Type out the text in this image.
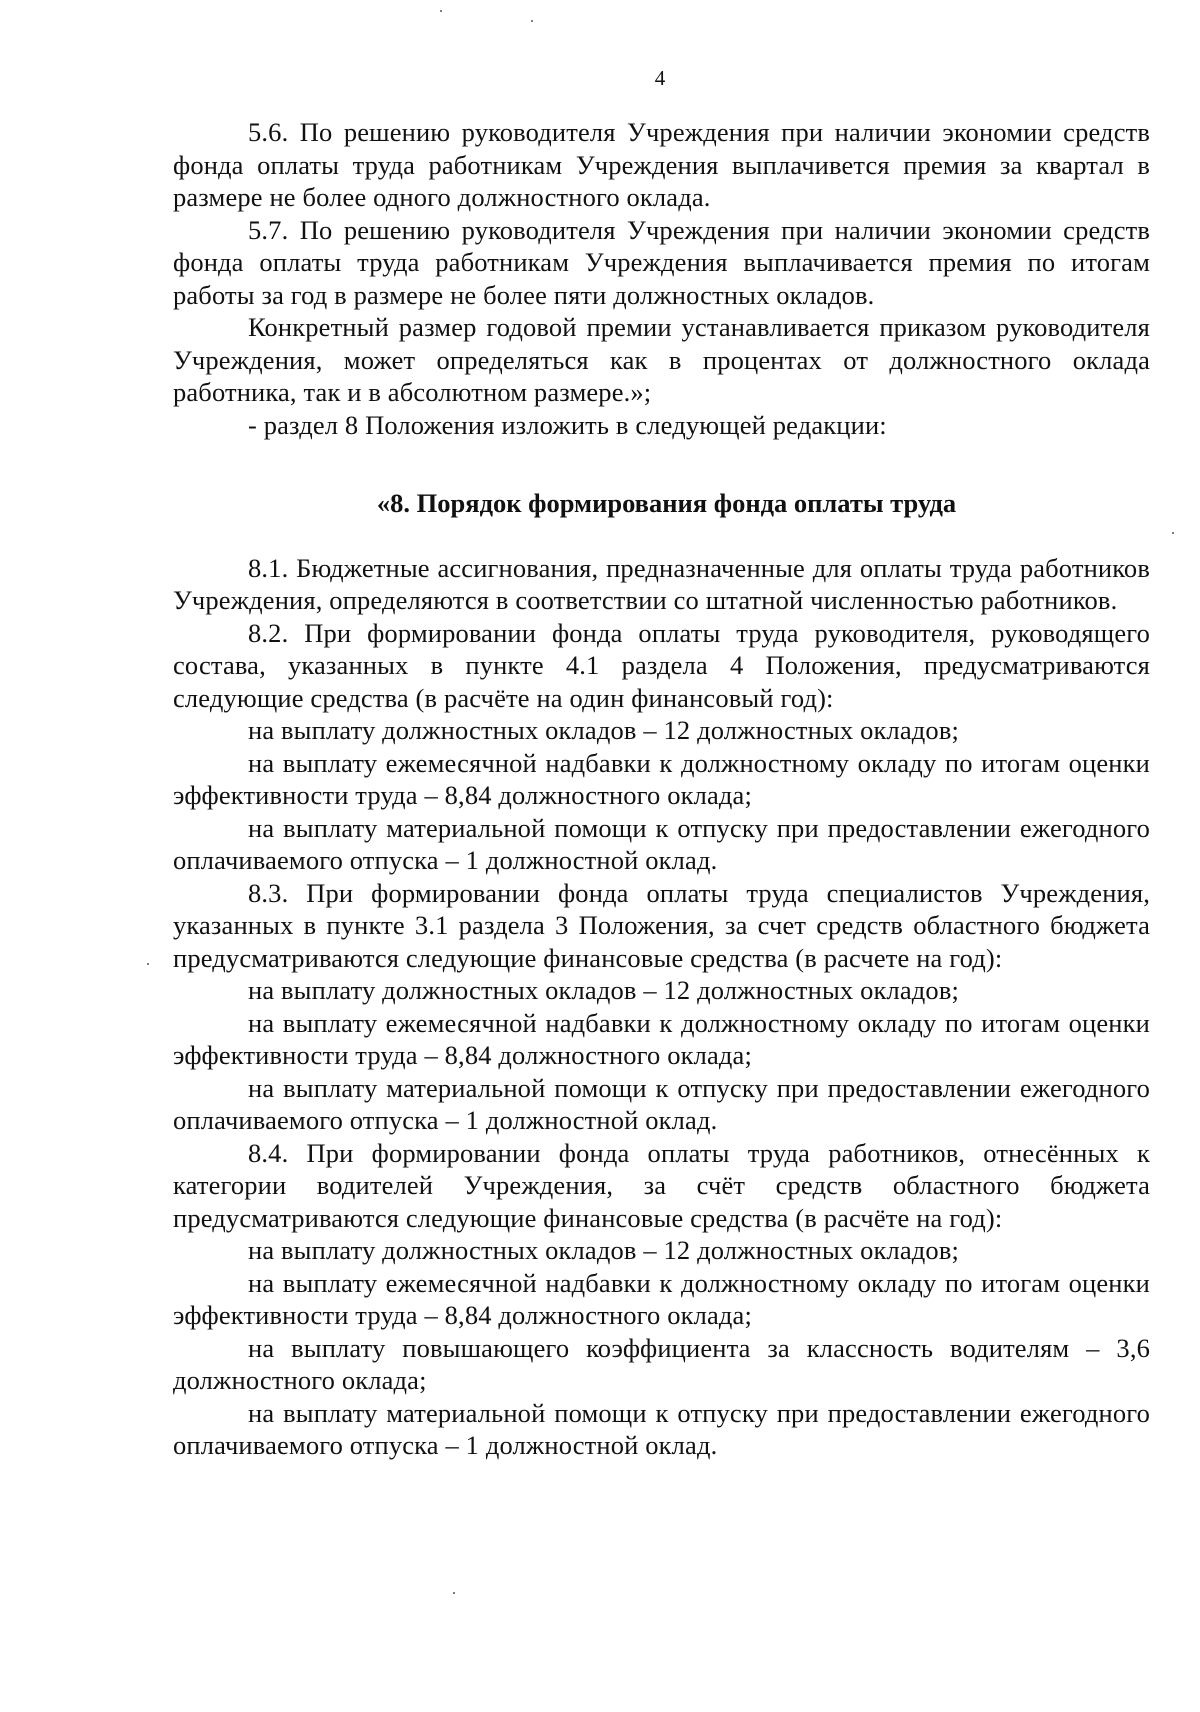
4

5.6. По решению руководителя Учреждения при наличии экономии средств фонда оплаты труда работникам Учреждения выплачивется премия за квартал в размере не более одного должностного оклада.

5.7. По решению руководителя Учреждения при наличии экономии средств фонда оплаты труда работникам Учреждения выплачивается премия по итогам работы за год в размере не более пяти должностных окладов.

Конкретный размер годовой премии устанавливается приказом руководителя Учреждения, может определяться как в процентах от должностного оклада работника, так и в абсолютном размере.»;

- раздел 8 Положения изложить в следующей редакции:

«8. Порядок формирования фонда оплаты труда

8.1. Бюджетные ассигнования, предназначенные для оплаты труда работников Учреждения, определяются в соответствии со штатной численностью работников.

8.2. При формировании фонда оплаты труда руководителя, руководящего состава, указанных в пункте 4.1 раздела 4 Положения, предусматриваются следующие средства (в расчёте на один финансовый год):

на выплату должностных окладов – 12 должностных окладов;

на выплату ежемесячной надбавки к должностному окладу по итогам оценки эффективности труда – 8,84 должностного оклада;

на выплату материальной помощи к отпуску при предоставлении ежегодного оплачиваемого отпуска – 1 должностной оклад.

8.3. При формировании фонда оплаты труда специалистов Учреждения, указанных в пункте 3.1 раздела 3 Положения, за счет средств областного бюджета предусматриваются следующие финансовые средства (в расчете на год):

на выплату должностных окладов – 12 должностных окладов;

на выплату ежемесячной надбавки к должностному окладу по итогам оценки эффективности труда – 8,84 должностного оклада;

на выплату материальной помощи к отпуску при предоставлении ежегодного оплачиваемого отпуска – 1 должностной оклад.

8.4. При формировании фонда оплаты труда работников, отнесённых к категории водителей Учреждения, за счёт средств областного бюджета предусматриваются следующие финансовые средства (в расчёте на год):

на выплату должностных окладов – 12 должностных окладов;

на выплату ежемесячной надбавки к должностному окладу по итогам оценки эффективности труда – 8,84 должностного оклада;

на выплату повышающего коэффициента за классность водителям – 3,6 должностного оклада;

на выплату материальной помощи к отпуску при предоставлении ежегодного оплачиваемого отпуска – 1 должностной оклад.
